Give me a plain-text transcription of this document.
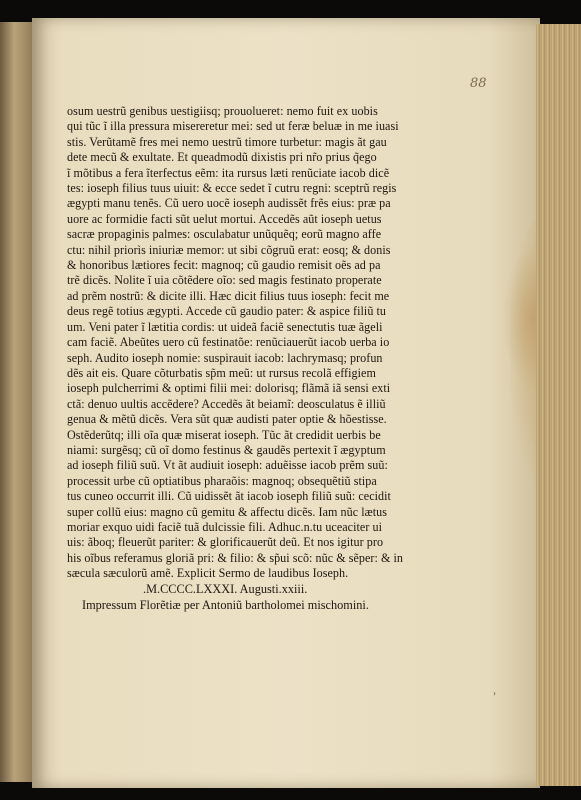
88
osum uestrũ genibus uestigiisq; prouolueret: nemo fuit ex uobis
qui tũc ĩ illa pressura misereretur mei: sed ut feræ beluæ in me iuasi
stis. Verũtamẽ fres mei nemo uestrũ timore turbetur: magis ãt gau
dete mecũ & exultate. Et queadmodũ dixistis pri nr̃o prius q̃ego
ĩ mõtibus a fera ĩterfectus eẽm: ita rursus læti renũciate iacob dicẽ
tes: ioseph filius tuus uiuit: & ecce sedet ĩ cutru regni: sceptrũ regis
ægypti manu tenẽs. Cũ uero uocẽ ioseph audissẽt frẽs eius: præ pa
uore ac formidie facti sũt uelut mortui. Accedẽs aũt ioseph uetus
sacræ propaginis palmes: osculabatur unũquẽq; eorũ magno affe
ctu: nihil priorìs iniuriæ memor: ut sibi cõgruũ erat: eosq; & donis
& honoribus lætiores fecit: magnoq; cũ gaudio remisit oẽs ad pa
trẽ dicẽs. Nolite ĩ uia cõtẽdere oĩo: sed magis festinato properate
ad prẽm nostrũ: & dicite illi. Hæc dicit filius tuus ioseph: fecit me
deus regẽ totius ægypti. Accede cũ gaudio pater: & aspice filiũ tu
um. Veni pater ĩ lætitia cordis: ut uideã faciẽ senectutis tuæ ãgeli
cam faciẽ. Abeũtes uero cũ festinatõe: renũciauerũt iacob uerba io
seph. Audito ioseph nomie: suspirauit iacob: lachrymasq; profun
dẽs ait eis. Quare cõturbatis sp̃m meũ: ut rursus recolã effigiem
ioseph pulcherrimi & optimi filii mei: dolorisq; flãmã iã sensi exti
ctã: denuo uultis accẽdere? Accedẽs ãt beiamĩ: deosculatus ẽ illiũ
genua & mẽtũ dicẽs. Vera sũt quæ audisti pater optie & hõestisse.
Ostẽderũtq; illi oĩa quæ miserat ioseph. Tũc ãt credidit uerbis be
niami: surgẽsq; cũ oĩ domo festinus & gaudẽs pertexit ĩ ægyptum
ad ioseph filiũ suũ. Vt ãt audiuit ioseph: aduẽisse iacob prẽm suũ:
processit urbe cũ optiatibus pharaõis: magnoq; obsequẽtiũ stipa
tus cuneo occurrit illi. Cũ uidissẽt ãt iacob ioseph filiũ suũ: cecidit
super collũ eius: magno cũ gemitu & affectu dicẽs. Iam nũc lætus
moriar exquo uidi faciẽ tuã dulcissie fili. Adhuc.n.tu uceaciter ui
uis: ãboq; fleuerũt pariter: & glorificauerũt deũ. Et nos igitur pro
his oĩbus referamus gloriã pri: & filio: & sp̃ui scõ: nũc & sẽper: & in
sæcula sæculorũ amẽ. Explicit Sermo de laudibus Ioseph.
.M.CCCC.LXXXI. Augusti.xxiii.
Impressum Florẽtiæ per Antoniũ bartholomei mischomini.
›
